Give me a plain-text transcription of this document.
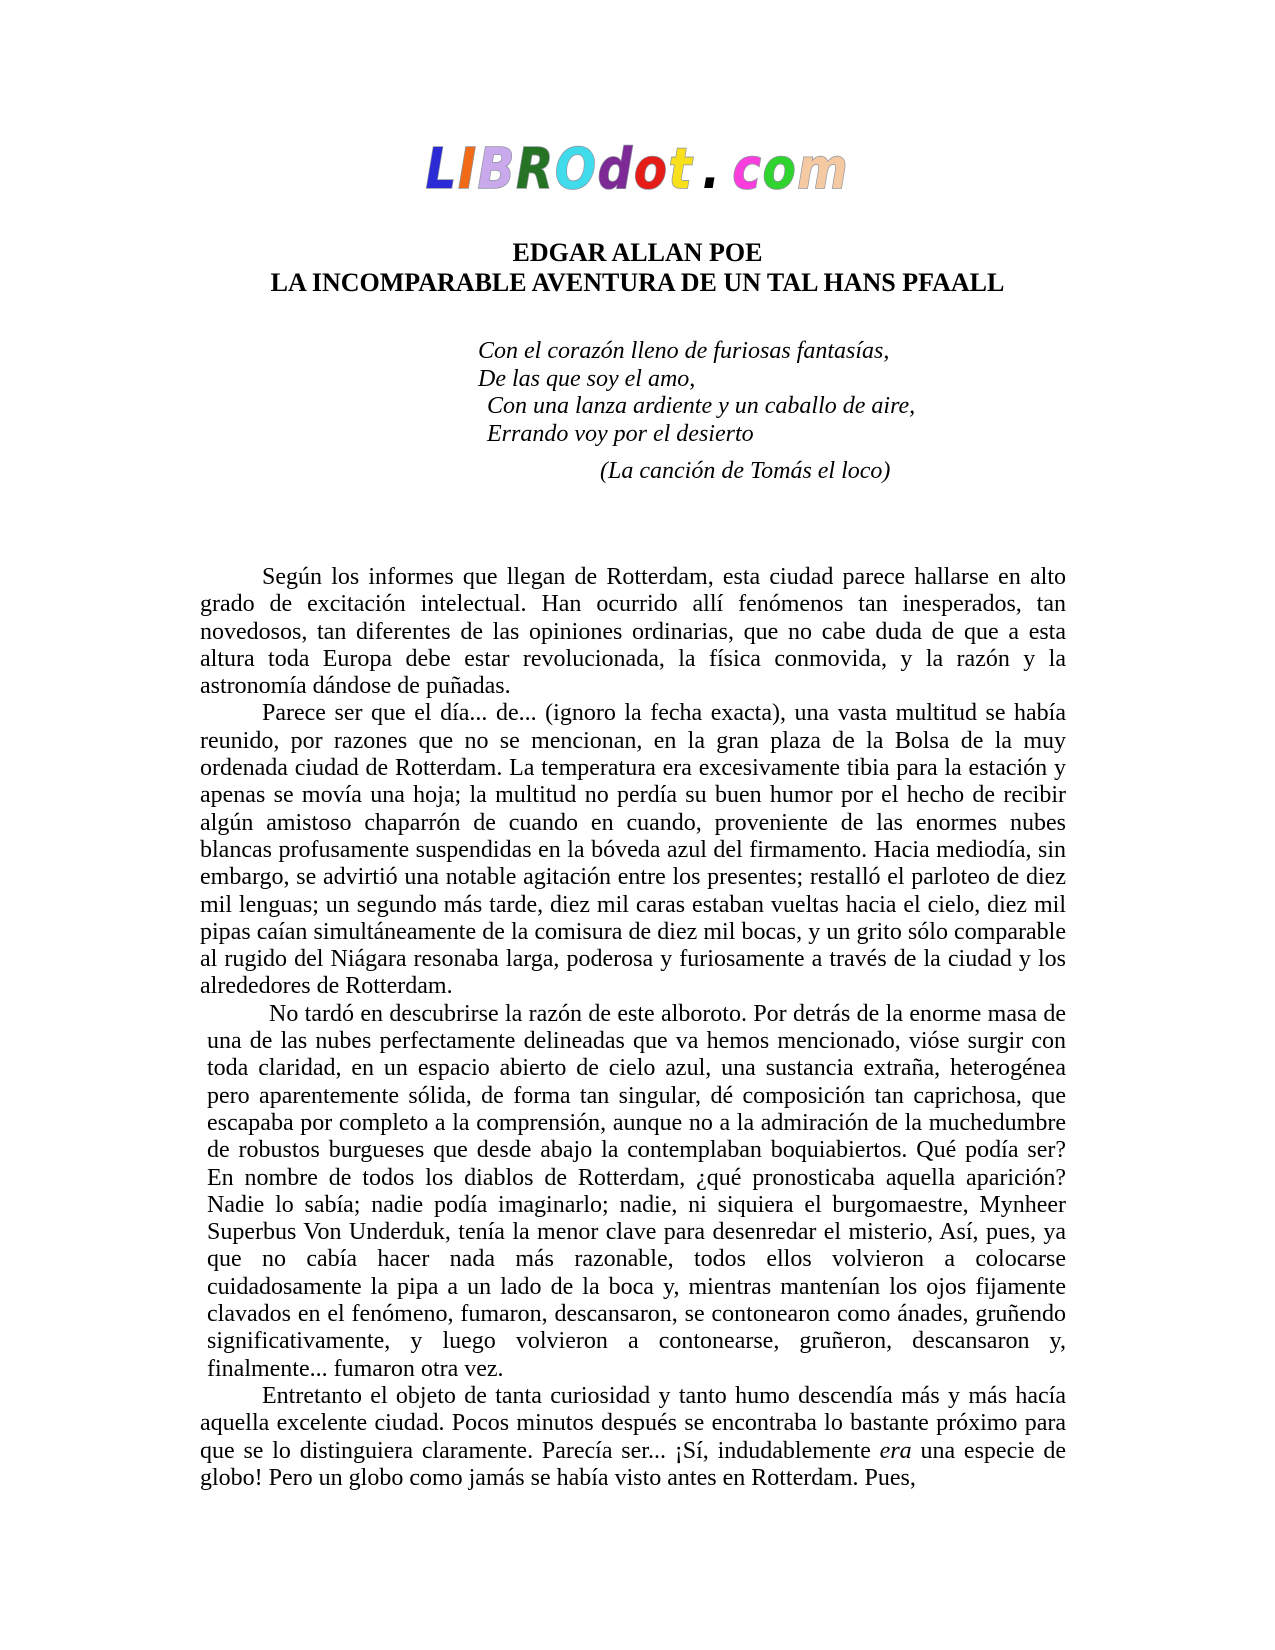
LIBROdot . com
EDGAR ALLAN POE
LA INCOMPARABLE AVENTURA DE UN TAL HANS PFAALL
Con el corazón lleno de furiosas fantasías,
De las que soy el amo,
Con una lanza ardiente y un caballo de aire,
Errando voy por el desierto
(La canción de Tomás el loco)

Según los informes que llegan de Rotterdam, esta ciudad parece hallarse en alto grado de excitación intelectual. Han ocurrido allí fenómenos tan inesperados, tan novedosos, tan diferentes de las opiniones ordinarias, que no cabe duda de que a esta altura toda Europa debe estar revolucionada, la física conmovida, y la razón y la astronomía dándose de puñadas.

Parece ser que el día... de... (ignoro la fecha exacta), una vasta multitud se había reunido, por razones que no se mencionan, en la gran plaza de la Bolsa de la muy ordenada ciudad de Rotterdam. La temperatura era excesivamente tibia para la estación y apenas se movía una hoja; la multitud no perdía su buen humor por el hecho de recibir algún amistoso chaparrón de cuando en cuando, proveniente de las enormes nubes blancas profusamente suspendidas en la bóveda azul del firmamento. Hacia mediodía, sin embargo, se advirtió una notable agitación entre los presentes; restalló el parloteo de diez mil lenguas; un segundo más tarde, diez mil caras estaban vueltas hacia el cielo, diez mil pipas caían simultáneamente de la comisura de diez mil bocas, y un grito sólo comparable al rugido del Niágara resonaba larga, poderosa y furiosamente a través de la ciudad y los alrededores de Rotterdam.

No tardó en descubrirse la razón de este alboroto. Por detrás de la enorme masa de una de las nubes perfectamente delineadas que va hemos mencionado, vióse surgir con toda claridad, en un espacio abierto de cielo azul, una sustancia extraña, heterogénea pero aparentemente sólida, de forma tan singular, dé composición tan caprichosa, que escapaba por completo a la comprensión, aunque no a la admiración de la muchedumbre de robustos burgueses que desde abajo la contemplaban boquiabiertos. Qué podía ser? En nombre de todos los diablos de Rotterdam, ¿qué pronosticaba aquella aparición? Nadie lo sabía; nadie podía imaginarlo; nadie, ni siquiera el burgomaestre, Mynheer Superbus Von Underduk, tenía la menor clave para desenredar el misterio, Así, pues, ya que no cabía hacer nada más razonable, todos ellos volvieron a colocarse cuidadosamente la pipa a un lado de la boca y, mientras mantenían los ojos fijamente clavados en el fenómeno, fumaron, descansaron, se contonearon como ánades, gruñendo significativamente, y luego volvieron a contonearse, gruñeron, descansaron y, finalmente... fumaron otra vez.

Entretanto el objeto de tanta curiosidad y tanto humo descendía más y más hacía aquella excelente ciudad. Pocos minutos después se encontraba lo bastante próximo para que se lo distinguiera claramente. Parecía ser... ¡Sí, indudablemente era una especie de globo! Pero un globo como jamás se había visto antes en Rotterdam. Pues,
